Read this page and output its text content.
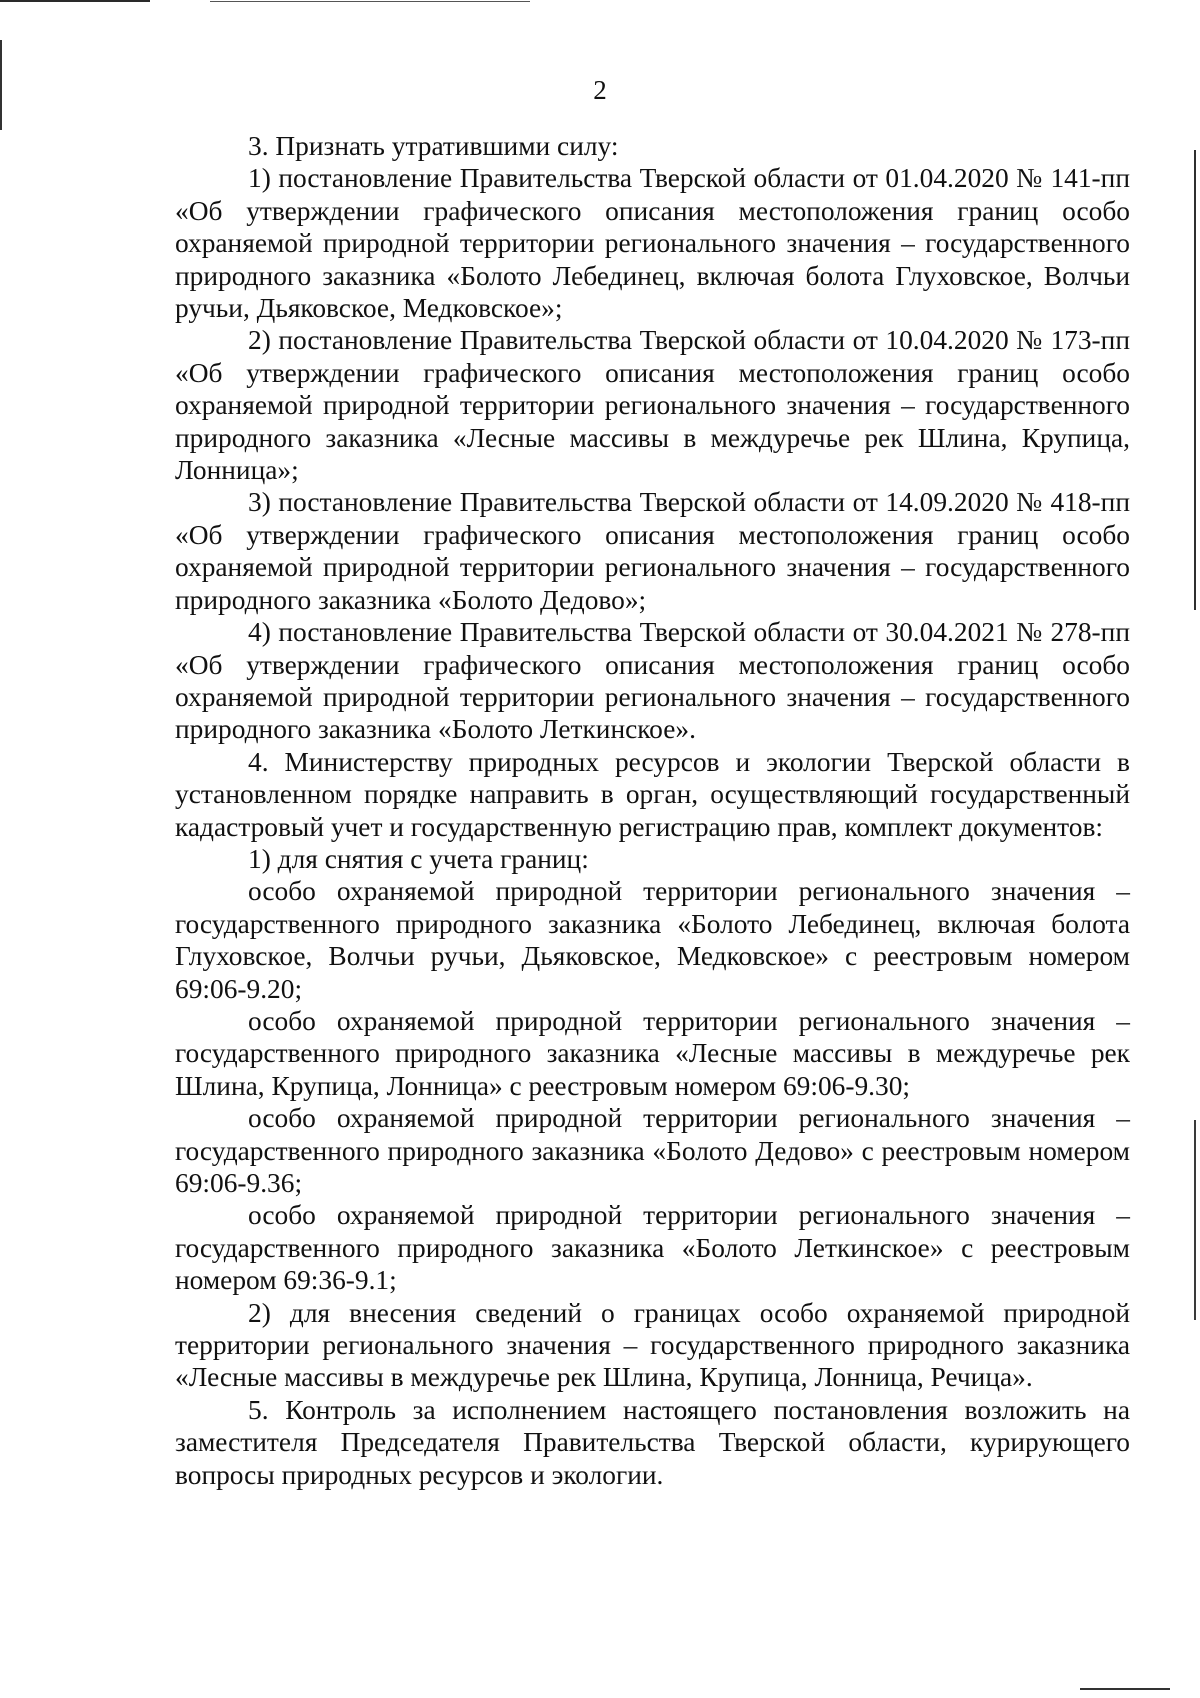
2

3. Признать утратившими силу:

1) постановление Правительства Тверской области от 01.04.2020 № 141-пп «Об утверждении графического описания местоположения границ особо охраняемой природной территории регионального значения – государственного природного заказника «Болото Лебединец, включая болота Глуховское, Волчьи ручьи, Дьяковское, Медковское»;

2) постановление Правительства Тверской области от 10.04.2020 № 173-пп «Об утверждении графического описания местоположения границ особо охраняемой природной территории регионального значения – государственного природного заказника «Лесные массивы в междуречье рек Шлина, Крупица, Лонница»;

3) постановление Правительства Тверской области от 14.09.2020 № 418-пп «Об утверждении графического описания местоположения границ особо охраняемой природной территории регионального значения – государственного природного заказника «Болото Дедово»;

4) постановление Правительства Тверской области от 30.04.2021 № 278-пп «Об утверждении графического описания местоположения границ особо охраняемой природной территории регионального значения – государственного природного заказника «Болото Леткинское».

4. Министерству природных ресурсов и экологии Тверской области в установленном порядке направить в орган, осуществляющий государственный кадастровый учет и государственную регистрацию прав, комплект документов:

1) для снятия с учета границ:

особо охраняемой природной территории регионального значения – государственного природного заказника «Болото Лебединец, включая болота Глуховское, Волчьи ручьи, Дьяковское, Медковское» с реестровым номером 69:06-9.20;

особо охраняемой природной территории регионального значения – государственного природного заказника «Лесные массивы в междуречье рек Шлина, Крупица, Лонница» с реестровым номером 69:06-9.30;

особо охраняемой природной территории регионального значения – государственного природного заказника «Болото Дедово» с реестровым номером 69:06-9.36;

особо охраняемой природной территории регионального значения – государственного природного заказника «Болото Леткинское» с реестровым номером 69:36-9.1;

2) для внесения сведений о границах особо охраняемой природной территории регионального значения – государственного природного заказника «Лесные массивы в междуречье рек Шлина, Крупица, Лонница, Речица».

5. Контроль за исполнением настоящего постановления возложить на заместителя Председателя Правительства Тверской области, курирующего вопросы природных ресурсов и экологии.
